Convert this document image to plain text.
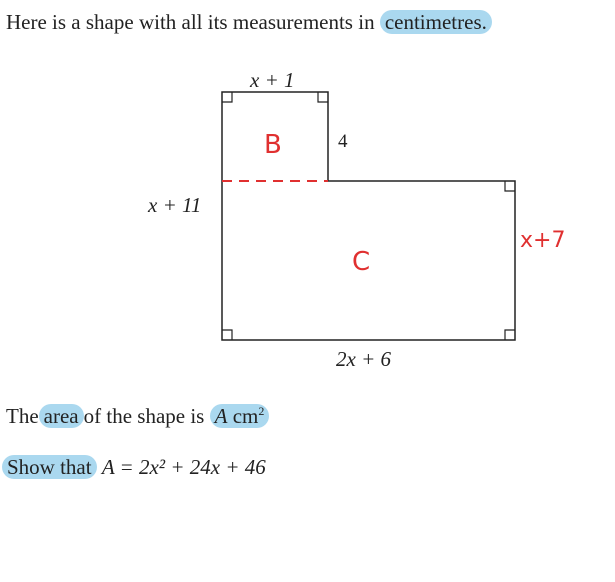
Here is a shape with all its measurements in centimetres.
x + 1
4
x + 11
B
C
x+7
2x + 6
The area of the shape is A $cm^2$
Show that A = 2x² + 24x + 46
